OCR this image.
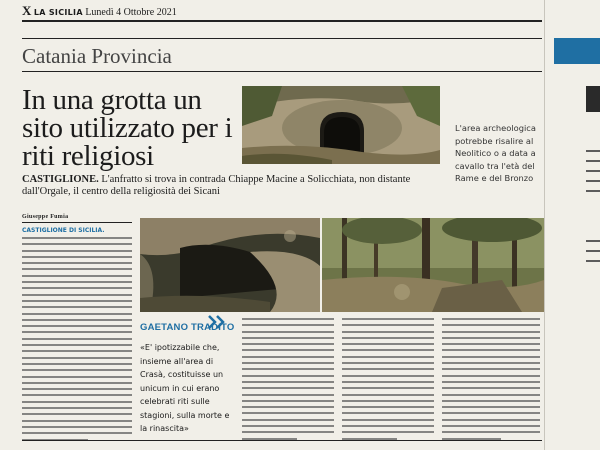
X LA SICILIA Lunedì 4 Ottobre 2021
Catania Provincia
In una grotta un sito utilizzato per i riti religiosi
L'area archeologica potrebbe risalire al Neolitico o a data a cavallo tra l'età del Rame e del Bronzo
CASTIGLIONE. L'anfratto si trova in contrada Chiappe Macine a Solicchiata, non distante dall'Orgale, il centro della religiosità dei Sicani
Giuseppe Fumia
CASTIGLIONE DI SICILIA.
GAETANO TRADITO
«E' ipotizzabile che, insieme all'area di Crasà, costituisse un unicum in cui erano celebrati riti sulle stagioni, sulla morte e la rinascita»
